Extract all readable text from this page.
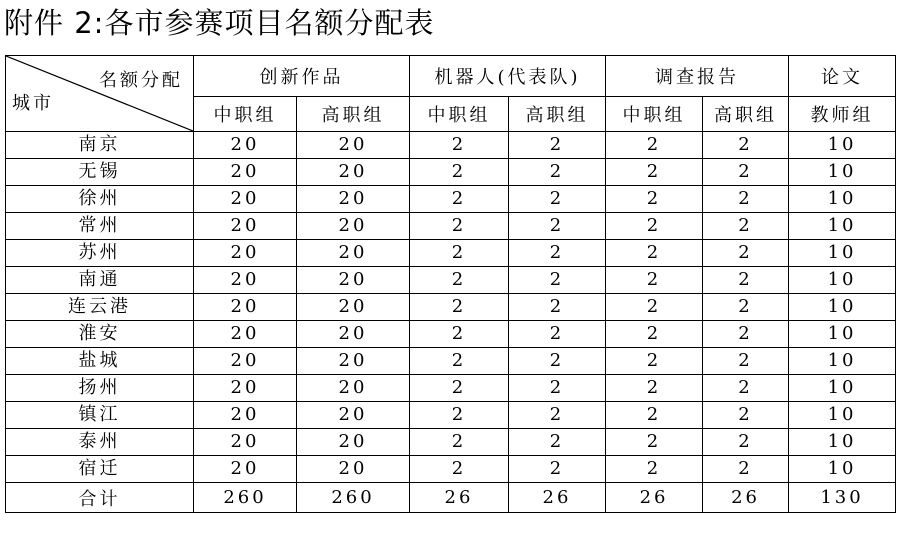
附件 2:各市参赛项目名额分配表
名额分配
城市	创新作品		机器人(代表队)		调查报告		论文
	中职组	高职组	中职组	高职组	中职组	高职组	教师组
南京	20	20	2	2	2	2	10
无锡	20	20	2	2	2	2	10
徐州	20	20	2	2	2	2	10
常州	20	20	2	2	2	2	10
苏州	20	20	2	2	2	2	10
南通	20	20	2	2	2	2	10
连云港	20	20	2	2	2	2	10
淮安	20	20	2	2	2	2	10
盐城	20	20	2	2	2	2	10
扬州	20	20	2	2	2	2	10
镇江	20	20	2	2	2	2	10
泰州	20	20	2	2	2	2	10
宿迁	20	20	2	2	2	2	10
合计	260	260	26	26	26	26	130
